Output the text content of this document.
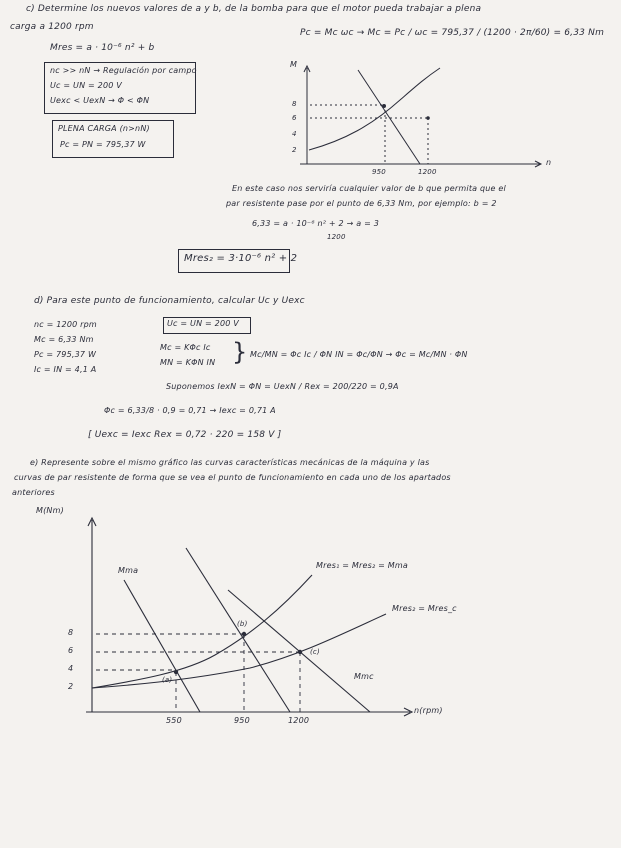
c) Determine los nuevos valores de a y b, de la bomba para que el motor pueda trabajar a plena
carga a 1200 rpm
Mres = a · 10⁻⁶ n² + b
Pc = Mc ωc → Mc = Pc / ωc = 795,37 / (1200 · 2π/60) = 6,33 Nm
nc >> nN → Regulación por campo
Uc = UN = 200 V
Uexc < UexN → Φ < ΦN
PLENA CARGA (n>nN)
Pc = PN = 795,37 W
M
n
8
6
4
2
950	1200
En este caso nos serviría cualquier valor de b que permita que el
par resistente pase por el punto de 6,33 Nm, por ejemplo: b = 2
6,33 = a · 10⁻⁶ n² + 2 → a = 3
1200
Mres₂ = 3·10⁻⁶ n² + 2
d) Para este punto de funcionamiento, calcular Uc y Uexc
nc = 1200 rpm
Mc = 6,33 Nm
Pc = 795,37 W
Ic = IN = 4,1 A
Uc = UN = 200 V
Mc = KΦc Ic
MN = KΦN IN } Mc/MN = Φc Ic / ΦN IN = Φc/ΦN → Φc = Mc/MN · ΦN
Suponemos IexN = ΦN = UexN / Rex = 200/220 = 0,9A
Φc = 6,33/8 · 0,9 = 0,71 → Iexc = 0,71 A
[ Uexc = Iexc Rex = 0,72 · 220 = 158 V ]
e) Represente sobre el mismo gráfico las curvas características mecánicas de la máquina y las
curvas de par resistente de forma que se vea el punto de funcionamiento en cada uno de los apartados
anteriores
M(Nm)
n(rpm)
8
6
4
2
550	950	1200
Mma
Mres₁ = Mres₂ = Mma
Mres₂ = Mres_c
Mmc
(a)
(b)
(c)
